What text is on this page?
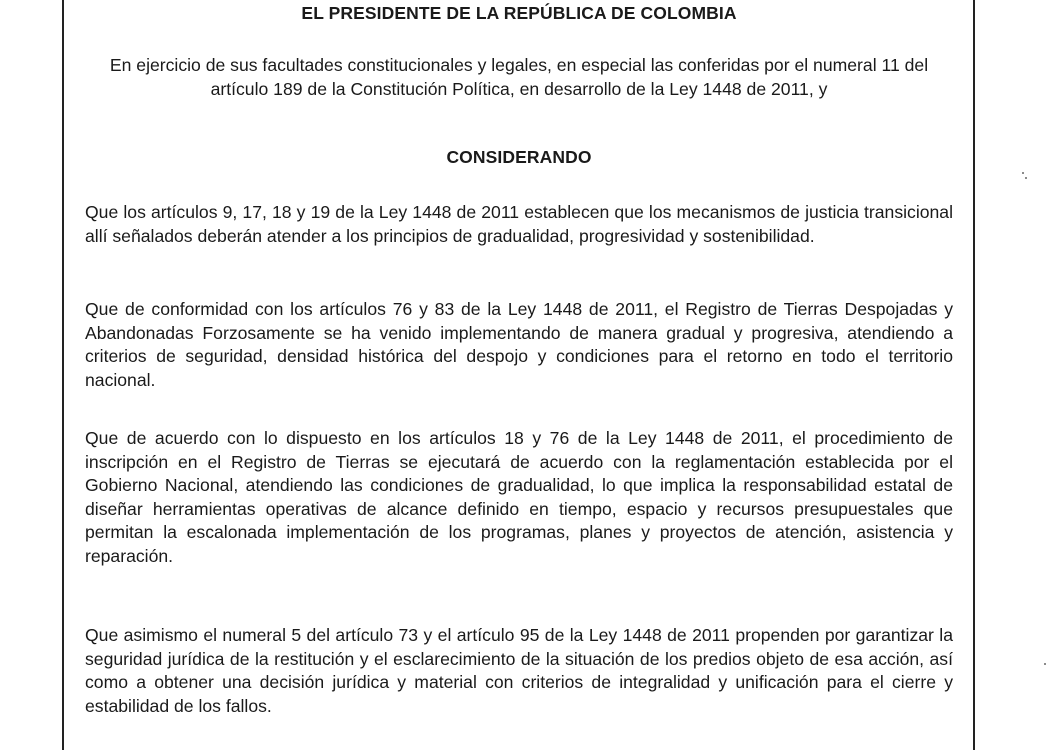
EL PRESIDENTE DE LA REPÚBLICA DE COLOMBIA

En ejercicio de sus facultades constitucionales y legales, en especial las conferidas por el numeral 11 del artículo 189 de la Constitución Política, en desarrollo de la Ley 1448 de 2011, y

CONSIDERANDO

Que los artículos 9, 17, 18 y 19 de la Ley 1448 de 2011 establecen que los mecanismos de justicia transicional allí señalados deberán atender a los principios de gradualidad, progresividad y sostenibilidad.

Que de conformidad con los artículos 76 y 83 de la Ley 1448 de 2011, el Registro de Tierras Despojadas y Abandonadas Forzosamente se ha venido implementando de manera gradual y progresiva, atendiendo a criterios de seguridad, densidad histórica del despojo y condiciones para el retorno en todo el territorio nacional.

Que de acuerdo con lo dispuesto en los artículos 18 y 76 de la Ley 1448 de 2011, el procedimiento de inscripción en el Registro de Tierras se ejecutará de acuerdo con la reglamentación establecida por el Gobierno Nacional, atendiendo las condiciones de gradualidad, lo que implica la responsabilidad estatal de diseñar herramientas operativas de alcance definido en tiempo, espacio y recursos presupuestales que permitan la escalonada implementación de los programas, planes y proyectos de atención, asistencia y reparación.

Que asimismo el numeral 5 del artículo 73 y el artículo 95 de la Ley 1448 de 2011 propenden por garantizar la seguridad jurídica de la restitución y el esclarecimiento de la situación de los predios objeto de esa acción, así como a obtener una decisión jurídica y material con criterios de integralidad y unificación para el cierre y estabilidad de los fallos.
